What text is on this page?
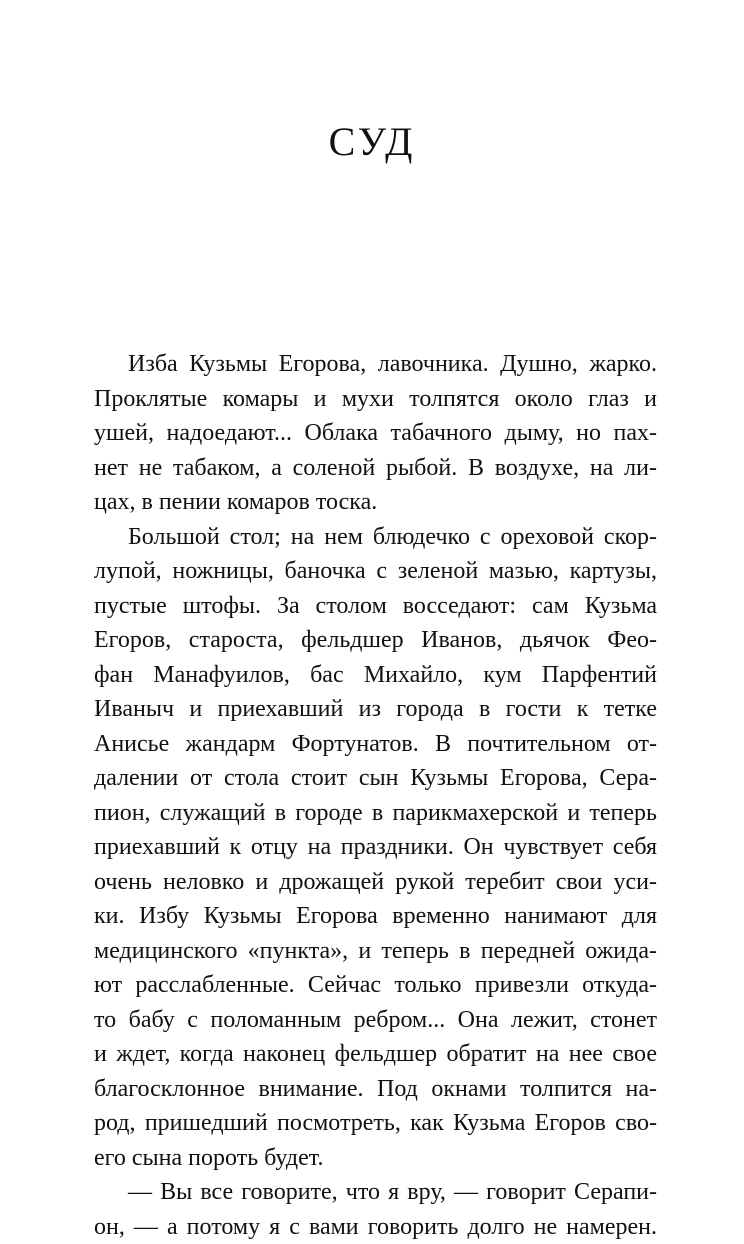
СУД
Изба Кузьмы Егорова, лавочника. Душно, жарко.
Проклятые комары и мухи толпятся около глаз и
ушей, надоедают... Облака табачного дыму, но пах-
нет не табаком, а соленой рыбой. В воздухе, на ли-
цах, в пении комаров тоска.
Большой стол; на нем блюдечко с ореховой скор-
лупой, ножницы, баночка с зеленой мазью, картузы,
пустые штофы. За столом восседают: сам Кузьма
Егоров, староста, фельдшер Иванов, дьячок Фео-
фан Манафуилов, бас Михайло, кум Парфентий
Иваныч и приехавший из города в гости к тетке
Анисье жандарм Фортунатов. В почтительном от-
далении от стола стоит сын Кузьмы Егорова, Сера-
пион, служащий в городе в парикмахерской и теперь
приехавший к отцу на праздники. Он чувствует себя
очень неловко и дрожащей рукой теребит свои уси-
ки. Избу Кузьмы Егорова временно нанимают для
медицинского «пункта», и теперь в передней ожида-
ют расслабленные. Сейчас только привезли откуда-
то бабу с поломанным ребром... Она лежит, стонет
и ждет, когда наконец фельдшер обратит на нее свое
благосклонное внимание. Под окнами толпится на-
род, пришедший посмотреть, как Кузьма Егоров сво-
его сына пороть будет.
— Вы все говорите, что я вру, — говорит Серапи-
он, — а потому я с вами говорить долго не намерен.
